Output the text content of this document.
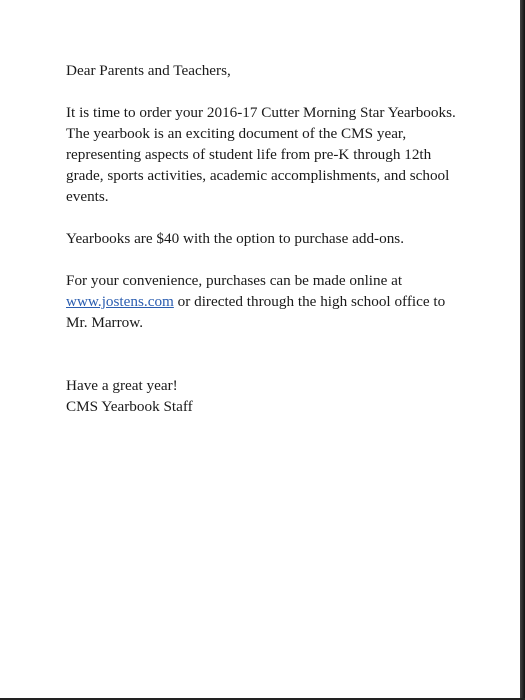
Dear Parents and Teachers,

It is time to order your 2016-17 Cutter Morning Star Yearbooks. The yearbook is an exciting document of the CMS year, representing aspects of student life from pre-K through 12th grade, sports activities, academic accomplishments, and school events.

Yearbooks are $40 with the option to purchase add-ons.

For your convenience, purchases can be made online at www.jostens.com or directed through the high school office to Mr. Marrow.

Have a great year!

CMS Yearbook Staff
